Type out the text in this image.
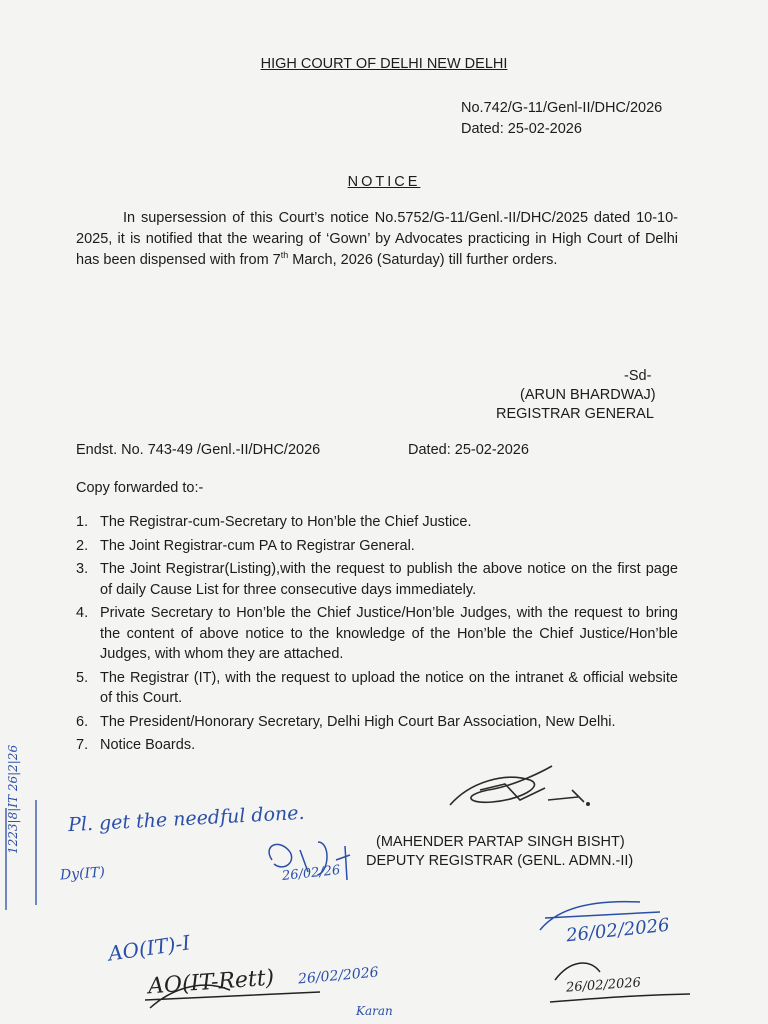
HIGH COURT OF DELHI NEW DELHI
No.742/G-11/Genl-II/DHC/2026
Dated: 25-02-2026
NOTICE
In supersession of this Court’s notice No.5752/G-11/Genl.-II/DHC/2025 dated 10-10-2025, it is notified that the wearing of ‘Gown’ by Advocates practicing in High Court of Delhi has been dispensed with from 7th March, 2026 (Saturday) till further orders.
-Sd-
(ARUN BHARDWAJ)
REGISTRAR GENERAL
Endst. No. 743-49 /Genl.-II/DHC/2026	Dated: 25-02-2026
Copy forwarded to:-
1. The Registrar-cum-Secretary to Hon’ble the Chief Justice.
2. The Joint Registrar-cum PA to Registrar General.
3. The Joint Registrar(Listing),with the request to publish the above notice on the first page of daily Cause List for three consecutive days immediately.
4. Private Secretary to Hon’ble the Chief Justice/Hon’ble Judges, with the request to bring the content of above notice to the knowledge of the Hon’ble the Chief Justice/Hon’ble Judges, with whom they are attached.
5. The Registrar (IT), with the request to upload the notice on the intranet & official website of this Court.
6. The President/Honorary Secretary, Delhi High Court Bar Association, New Delhi.
7. Notice Boards.
(MAHENDER PARTAP SINGH BISHT)
DEPUTY REGISTRAR (GENL. ADMN.-II)
1223|8|IT 26|2|26	Pl. get the needful done.
Dy(IT)	26/02/26
AO(IT)-I
AO(IT-Rett) 26/02/2026
Karan
26/02/2026
26/02/2026
